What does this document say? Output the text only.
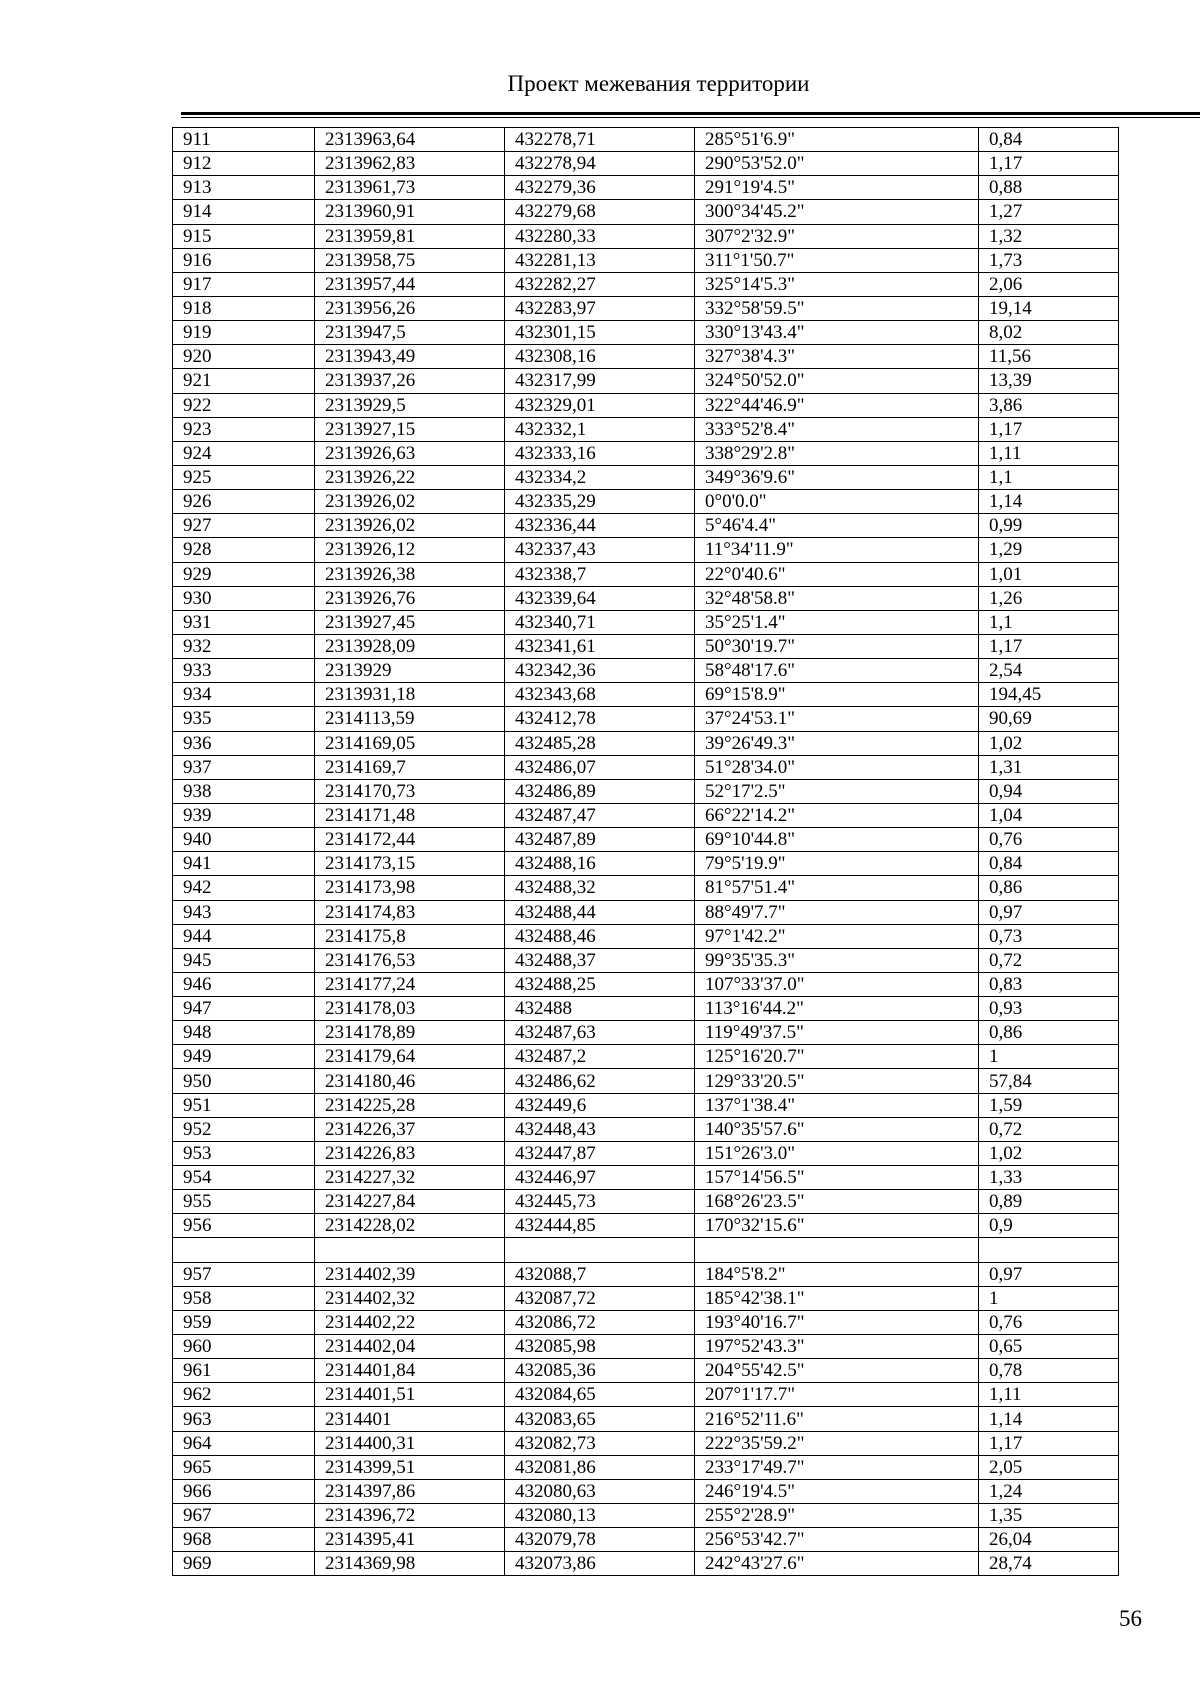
Проект межевания территории
911	2313963,64	432278,71	285°51'6.9"	0,84
912	2313962,83	432278,94	290°53'52.0"	1,17
913	2313961,73	432279,36	291°19'4.5"	0,88
914	2313960,91	432279,68	300°34'45.2"	1,27
915	2313959,81	432280,33	307°2'32.9"	1,32
916	2313958,75	432281,13	311°1'50.7"	1,73
917	2313957,44	432282,27	325°14'5.3"	2,06
918	2313956,26	432283,97	332°58'59.5"	19,14
919	2313947,5	432301,15	330°13'43.4"	8,02
920	2313943,49	432308,16	327°38'4.3"	11,56
921	2313937,26	432317,99	324°50'52.0"	13,39
922	2313929,5	432329,01	322°44'46.9"	3,86
923	2313927,15	432332,1	333°52'8.4"	1,17
924	2313926,63	432333,16	338°29'2.8"	1,11
925	2313926,22	432334,2	349°36'9.6"	1,1
926	2313926,02	432335,29	0°0'0.0"	1,14
927	2313926,02	432336,44	5°46'4.4"	0,99
928	2313926,12	432337,43	11°34'11.9"	1,29
929	2313926,38	432338,7	22°0'40.6"	1,01
930	2313926,76	432339,64	32°48'58.8"	1,26
931	2313927,45	432340,71	35°25'1.4"	1,1
932	2313928,09	432341,61	50°30'19.7"	1,17
933	2313929	432342,36	58°48'17.6"	2,54
934	2313931,18	432343,68	69°15'8.9"	194,45
935	2314113,59	432412,78	37°24'53.1"	90,69
936	2314169,05	432485,28	39°26'49.3"	1,02
937	2314169,7	432486,07	51°28'34.0"	1,31
938	2314170,73	432486,89	52°17'2.5"	0,94
939	2314171,48	432487,47	66°22'14.2"	1,04
940	2314172,44	432487,89	69°10'44.8"	0,76
941	2314173,15	432488,16	79°5'19.9"	0,84
942	2314173,98	432488,32	81°57'51.4"	0,86
943	2314174,83	432488,44	88°49'7.7"	0,97
944	2314175,8	432488,46	97°1'42.2"	0,73
945	2314176,53	432488,37	99°35'35.3"	0,72
946	2314177,24	432488,25	107°33'37.0"	0,83
947	2314178,03	432488	113°16'44.2"	0,93
948	2314178,89	432487,63	119°49'37.5"	0,86
949	2314179,64	432487,2	125°16'20.7"	1
950	2314180,46	432486,62	129°33'20.5"	57,84
951	2314225,28	432449,6	137°1'38.4"	1,59
952	2314226,37	432448,43	140°35'57.6"	0,72
953	2314226,83	432447,87	151°26'3.0"	1,02
954	2314227,32	432446,97	157°14'56.5"	1,33
955	2314227,84	432445,73	168°26'23.5"	0,89
956	2314228,02	432444,85	170°32'15.6"	0,9

957	2314402,39	432088,7	184°5'8.2"	0,97
958	2314402,32	432087,72	185°42'38.1"	1
959	2314402,22	432086,72	193°40'16.7"	0,76
960	2314402,04	432085,98	197°52'43.3"	0,65
961	2314401,84	432085,36	204°55'42.5"	0,78
962	2314401,51	432084,65	207°1'17.7"	1,11
963	2314401	432083,65	216°52'11.6"	1,14
964	2314400,31	432082,73	222°35'59.2"	1,17
965	2314399,51	432081,86	233°17'49.7"	2,05
966	2314397,86	432080,63	246°19'4.5"	1,24
967	2314396,72	432080,13	255°2'28.9"	1,35
968	2314395,41	432079,78	256°53'42.7"	26,04
969	2314369,98	432073,86	242°43'27.6"	28,74
56
